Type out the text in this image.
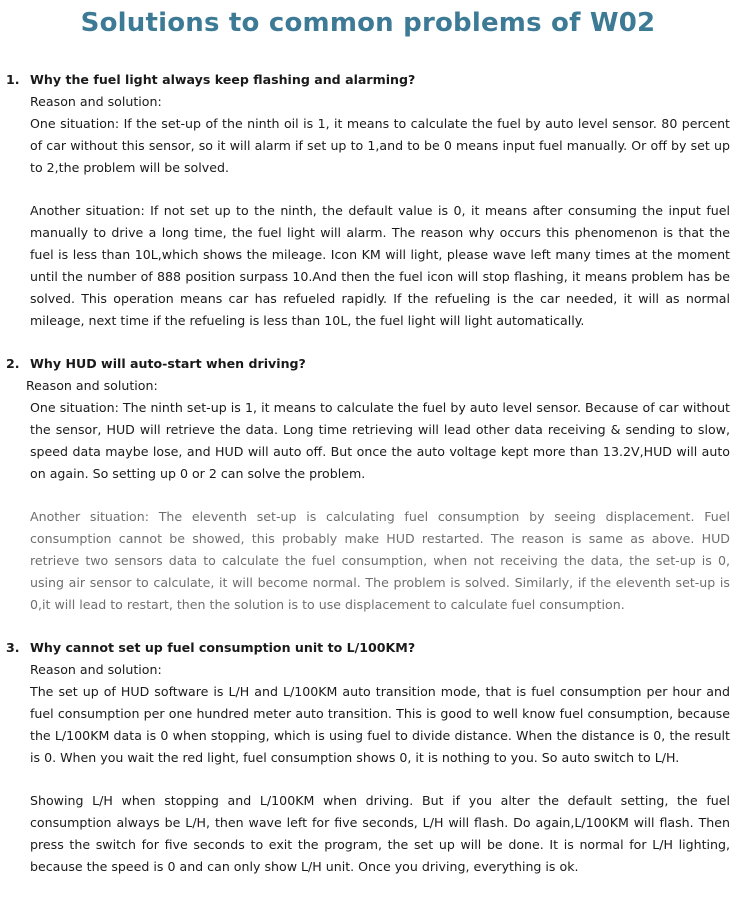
Solutions to common problems of W02
1. Why the fuel light always keep flashing and alarming?

Reason and solution:

One situation: If the set-up of the ninth oil is 1, it means to calculate the fuel by auto level sensor. 80 percent of car without this sensor, so it will alarm if set up to 1,and to be 0 means input fuel manually. Or off by set up to 2,the problem will be solved.

Another situation: If not set up to the ninth, the default value is 0, it means after consuming the input fuel manually to drive a long time, the fuel light will alarm. The reason why occurs this phenomenon is that the fuel is less than 10L,which shows the mileage. Icon KM will light, please wave left many times at the moment until the number of 888 position surpass 10.And then the fuel icon will stop flashing, it means problem has be solved. This operation means car has refueled rapidly. If the refueling is the car needed, it will as normal mileage, next time if the refueling is less than 10L, the fuel light will light automatically.

2. Why HUD will auto-start when driving?

Reason and solution:

One situation: The ninth set-up is 1, it means to calculate the fuel by auto level sensor. Because of car without the sensor, HUD will retrieve the data. Long time retrieving will lead other data receiving & sending to slow, speed data maybe lose, and HUD will auto off. But once the auto voltage kept more than 13.2V,HUD will auto on again. So setting up 0 or 2 can solve the problem.

Another situation: The eleventh set-up is calculating fuel consumption by seeing displacement. Fuel consumption cannot be showed, this probably make HUD restarted. The reason is same as above. HUD retrieve two sensors data to calculate the fuel consumption, when not receiving the data, the set-up is 0, using air sensor to calculate, it will become normal. The problem is solved. Similarly, if the eleventh set-up is 0,it will lead to restart, then the solution is to use displacement to calculate fuel consumption.

3. Why cannot set up fuel consumption unit to L/100KM?

Reason and solution:

The set up of HUD software is L/H and L/100KM auto transition mode, that is fuel consumption per hour and fuel consumption per one hundred meter auto transition. This is good to well know fuel consumption, because the L/100KM data is 0 when stopping, which is using fuel to divide distance. When the distance is 0, the result is 0. When you wait the red light, fuel consumption shows 0, it is nothing to you. So auto switch to L/H.

Showing L/H when stopping and L/100KM when driving. But if you alter the default setting, the fuel consumption always be L/H, then wave left for five seconds, L/H will flash. Do again,L/100KM will flash. Then press the switch for five seconds to exit the program, the set up will be done. It is normal for L/H lighting, because the speed is 0 and can only show L/H unit. Once you driving, everything is ok.
